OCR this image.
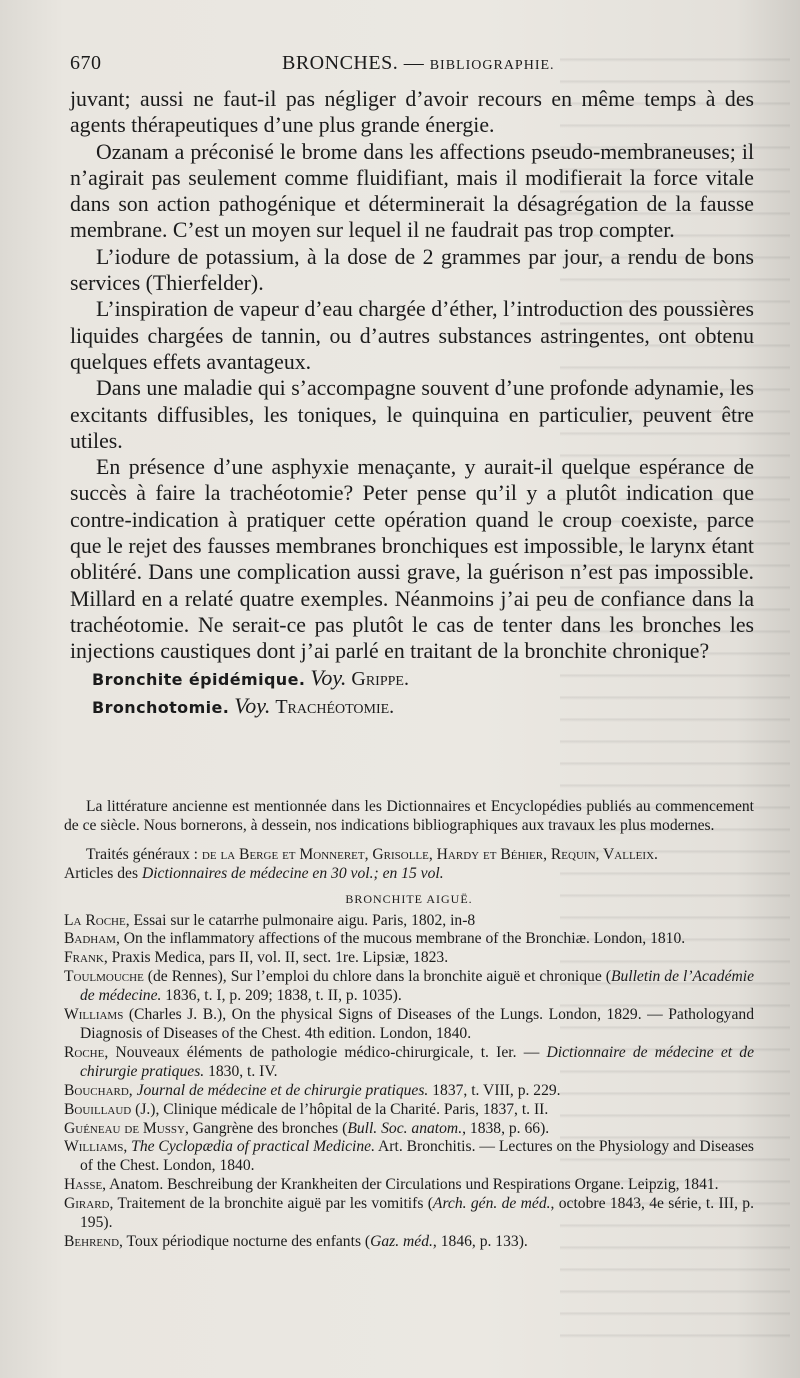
670	BRONCHES. — BIBLIOGRAPHIE.

juvant; aussi ne faut-il pas négliger d’avoir recours en même temps à des agents thérapeutiques d’une plus grande énergie.

Ozanam a préconisé le brome dans les affections pseudo-membraneuses; il n’agirait pas seulement comme fluidifiant, mais il modifierait la force vitale dans son action pathogénique et déterminerait la désagrégation de la fausse membrane. C’est un moyen sur lequel il ne faudrait pas trop compter.

L’iodure de potassium, à la dose de 2 grammes par jour, a rendu de bons services (Thierfelder).

L’inspiration de vapeur d’eau chargée d’éther, l’introduction des poussières liquides chargées de tannin, ou d’autres substances astringentes, ont obtenu quelques effets avantageux.

Dans une maladie qui s’accompagne souvent d’une profonde adynamie, les excitants diffusibles, les toniques, le quinquina en particulier, peuvent être utiles.

En présence d’une asphyxie menaçante, y aurait-il quelque espérance de succès à faire la trachéotomie? Peter pense qu’il y a plutôt indication que contre-indication à pratiquer cette opération quand le croup coexiste, parce que le rejet des fausses membranes bronchiques est impossible, le larynx étant oblitéré. Dans une complication aussi grave, la guérison n’est pas impossible. Millard en a relaté quatre exemples. Néanmoins j’ai peu de confiance dans la trachéotomie. Ne serait-ce pas plutôt le cas de tenter dans les bronches les injections caustiques dont j’ai parlé en traitant de la bronchite chronique?

Bronchite épidémique. Voy. Grippe.

Bronchotomie. Voy. Trachéotomie.

La littérature ancienne est mentionnée dans les Dictionnaires et Encyclopédies publiés au commencement de ce siècle. Nous bornerons, à dessein, nos indications bibliographiques aux travaux les plus modernes.

Traités généraux : de la Berge et Monneret, Grisolle, Hardy et Béhier, Requin, Valleix.
Articles des Dictionnaires de médecine en 30 vol.; en 15 vol.

BRONCHITE AIGUË.

La Roche, Essai sur le catarrhe pulmonaire aigu. Paris, 1802, in-8

Badham, On the inflammatory affections of the mucous membrane of the Bronchiæ. London, 1810.

Frank, Praxis Medica, pars II, vol. II, sect. 1re. Lipsiæ, 1823.

Toulmouche (de Rennes), Sur l’emploi du chlore dans la bronchite aiguë et chronique (Bulletin de l’Académie de médecine. 1836, t. I, p. 209; 1838, t. II, p. 1035).

Williams (Charles J. B.), On the physical Signs of Diseases of the Lungs. London, 1829. — Pathologyand Diagnosis of Diseases of the Chest. 4th edition. London, 1840.

Roche, Nouveaux éléments de pathologie médico-chirurgicale, t. Ier. — Dictionnaire de médecine et de chirurgie pratiques. 1830, t. IV.

Bouchard, Journal de médecine et de chirurgie pratiques. 1837, t. VIII, p. 229.

Bouillaud (J.), Clinique médicale de l’hôpital de la Charité. Paris, 1837, t. II.

Guéneau de Mussy, Gangrène des bronches (Bull. Soc. anatom., 1838, p. 66).

Williams, The Cyclopædia of practical Medicine. Art. Bronchitis. — Lectures on the Physiology and Diseases of the Chest. London, 1840.

Hasse, Anatom. Beschreibung der Krankheiten der Circulations und Respirations Organe. Leipzig, 1841.

Girard, Traitement de la bronchite aiguë par les vomitifs (Arch. gén. de méd., octobre 1843, 4e série, t. III, p. 195).

Behrend, Toux périodique nocturne des enfants (Gaz. méd., 1846, p. 133).
